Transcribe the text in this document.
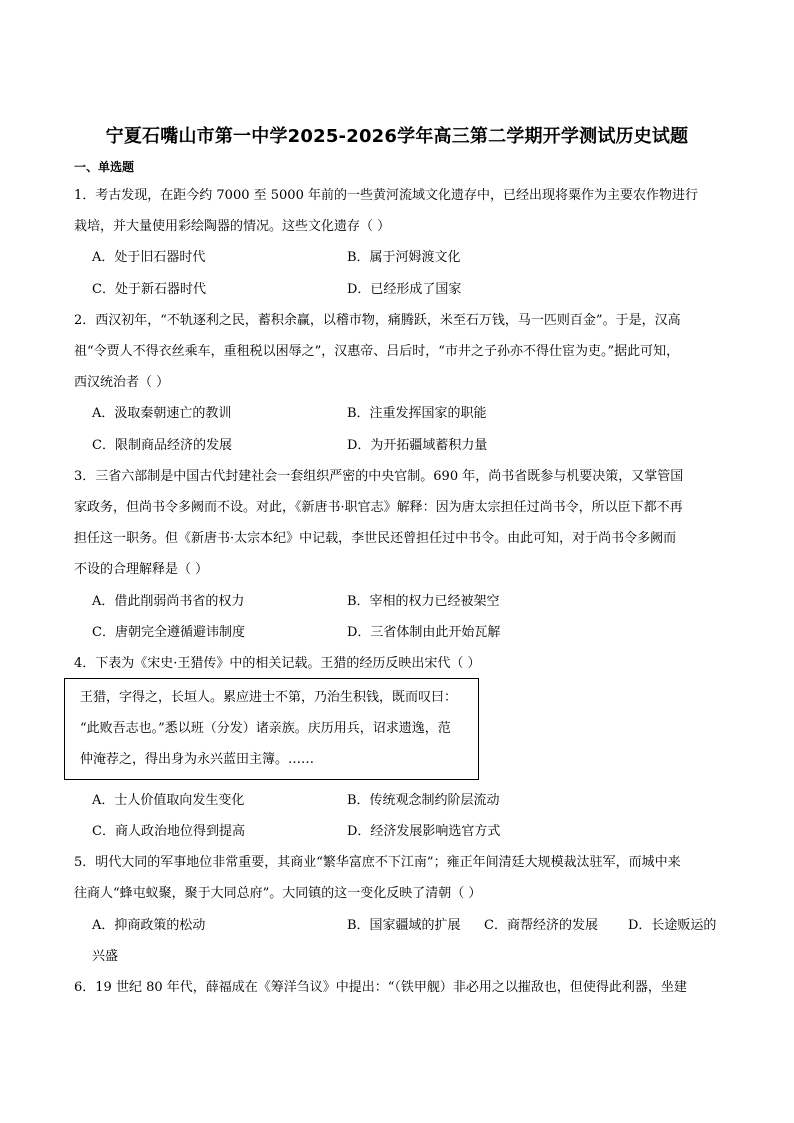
宁夏石嘴山市第一中学2025-2026学年高三第二学期开学测试历史试题
一、单选题
1．考古发现，在距今约 7000 至 5000 年前的一些黄河流域文化遗存中，已经出现将粟作为主要农作物进行
栽培，并大量使用彩绘陶器的情况。这些文化遗存（ ）
A．处于旧石器时代	B．属于河姆渡文化
C．处于新石器时代	D．已经形成了国家
2．西汉初年，“不轨逐利之民，蓄积余赢，以稽市物，痛腾跃，米至石万钱，马一匹则百金”。于是，汉高
祖“令贾人不得衣丝乘车，重租税以困辱之”，汉惠帝、吕后时，“市井之子孙亦不得仕宦为吏。”据此可知，
西汉统治者（ ）
A．汲取秦朝速亡的教训	B．注重发挥国家的职能
C．限制商品经济的发展	D．为开拓疆域蓄积力量
3．三省六部制是中国古代封建社会一套组织严密的中央官制。690 年，尚书省既参与机要决策，又掌管国
家政务，但尚书令多阙而不设。对此，《新唐书·职官志》解释：因为唐太宗担任过尚书令，所以臣下都不再
担任这一职务。但《新唐书·太宗本纪》中记载，李世民还曾担任过中书令。由此可知，对于尚书令多阙而
不设的合理解释是（ ）
A．借此削弱尚书省的权力	B．宰相的权力已经被架空
C．唐朝完全遵循避讳制度	D．三省体制由此开始瓦解
4．下表为《宋史·王猎传》中的相关记载。王猎的经历反映出宋代（ ）
王猎，字得之，长垣人。累应进士不第，乃治生积钱，既而叹曰：
“此败吾志也。”悉以班（分发）诸亲族。庆历用兵，诏求遗逸，范
仲淹荐之，得出身为永兴蓝田主簿。……
A．士人价值取向发生变化	B．传统观念制约阶层流动
C．商人政治地位得到提高	D．经济发展影响选官方式
5．明代大同的军事地位非常重要，其商业“繁华富庶不下江南”；雍正年间清廷大规模裁汰驻军，而城中来
往商人“蜂屯蚁聚，聚于大同总府”。大同镇的这一变化反映了清朝（ ）
A．抑商政策的松动	B．国家疆域的扩展 C．商帮经济的发展 D．长途贩运的
兴盛
6．19 世纪 80 年代，薛福成在《筹洋刍议》中提出：“（铁甲舰）非必用之以摧敌也，但使得此利器，坐建
